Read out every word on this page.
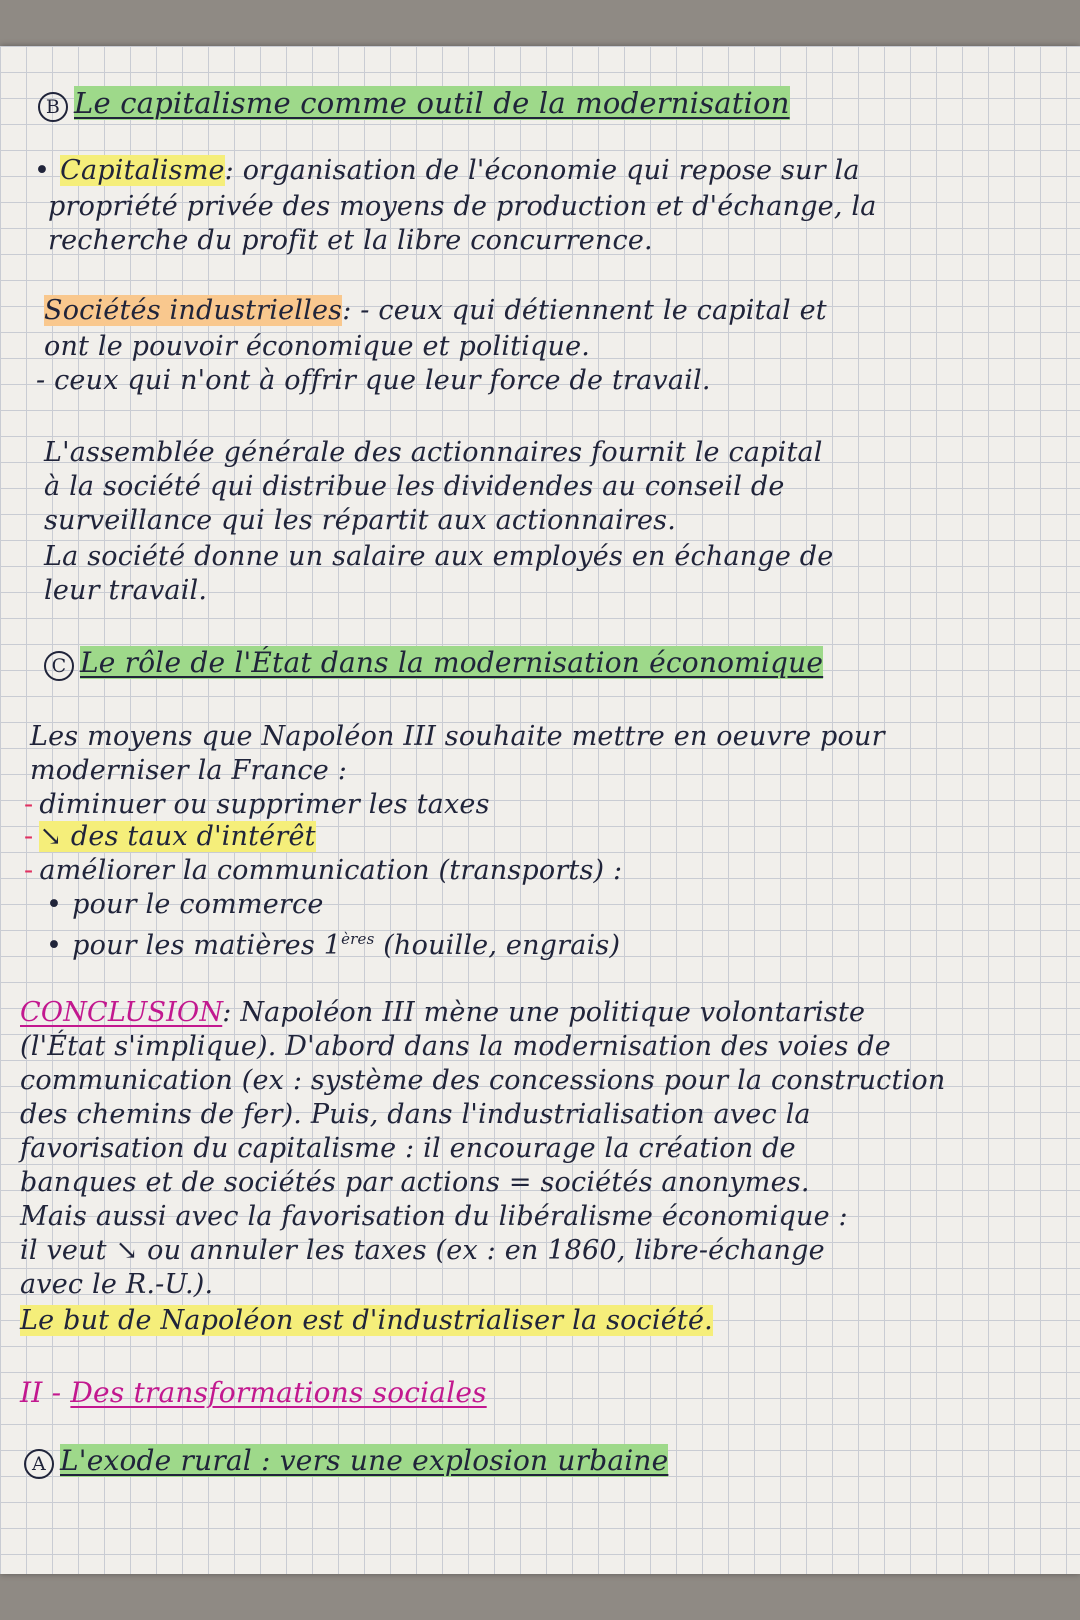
B Le capitalisme comme outil de la modernisation
• Capitalisme: organisation de l'économie qui repose sur la
propriété privée des moyens de production et d'échange, la
recherche du profit et la libre concurrence.
Sociétés industrielles: - ceux qui détiennent le capital et
ont le pouvoir économique et politique.
- ceux qui n'ont à offrir que leur force de travail.
L'assemblée générale des actionnaires fournit le capital
à la société qui distribue les dividendes au conseil de
surveillance qui les répartit aux actionnaires.
La société donne un salaire aux employés en échange de
leur travail.
C Le rôle de l'État dans la modernisation économique
Les moyens que Napoléon III souhaite mettre en oeuvre pour
moderniser la France :
- diminuer ou supprimer les taxes
- ↘ des taux d'intérêt
- améliorer la communication (transports) :
• pour le commerce
• pour les matières 1ères (houille, engrais)
CONCLUSION: Napoléon III mène une politique volontariste
(l'État s'implique). D'abord dans la modernisation des voies de
communication (ex : système des concessions pour la construction
des chemins de fer). Puis, dans l'industrialisation avec la
favorisation du capitalisme : il encourage la création de
banques et de sociétés par actions = sociétés anonymes.
Mais aussi avec la favorisation du libéralisme économique :
il veut ↘ ou annuler les taxes (ex : en 1860, libre-échange
avec le R.-U.).
Le but de Napoléon est d'industrialiser la société.
II - Des transformations sociales
A L'exode rural : vers une explosion urbaine
